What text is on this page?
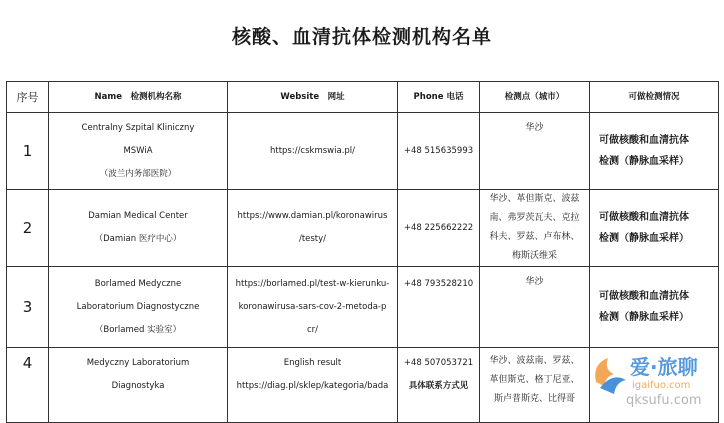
核酸、血清抗体检测机构名单
序号	Name　检测机构名称	Website　网址	Phone 电话	检测点（城市）	可做检测情况
1	Centralny Szpital Kliniczny
MSWiA
（波兰内务部医院）	https://cskmswia.pl/	+48 515635993	华沙	可做核酸和血清抗体
检测（静脉血采样）

2	Damian Medical Center
（Damian 医疗中心）	https://www.damian.pl/koronawirus
/testy/	+48 225662222	华沙、革但斯克、波兹
南、弗罗茨瓦夫、克拉
科夫、罗兹、卢布林、
梅斯沃维采	可做核酸和血清抗体
检测（静脉血采样）

3	Borlamed Medyczne
Laboratorium Diagnostyczne
（Borlamed 实验室）	https://borlamed.pl/test-w-kierunku-
koronawirusa-sars-cov-2-metoda-p
cr/	+48 793528210	华沙	可做核酸和血清抗体
检测（静脉血采样）

4	Medyczny Laboratorium
Diagnostyka	English result
https://diag.pl/sklep/kategoria/bada	+48 507053721
具体联系方式见	华沙、波兹南、罗兹、
革但斯克、格丁尼亚、
斯卢普斯克、比得哥	

爱·旅聊
igaifuo.com
qksufu.com
